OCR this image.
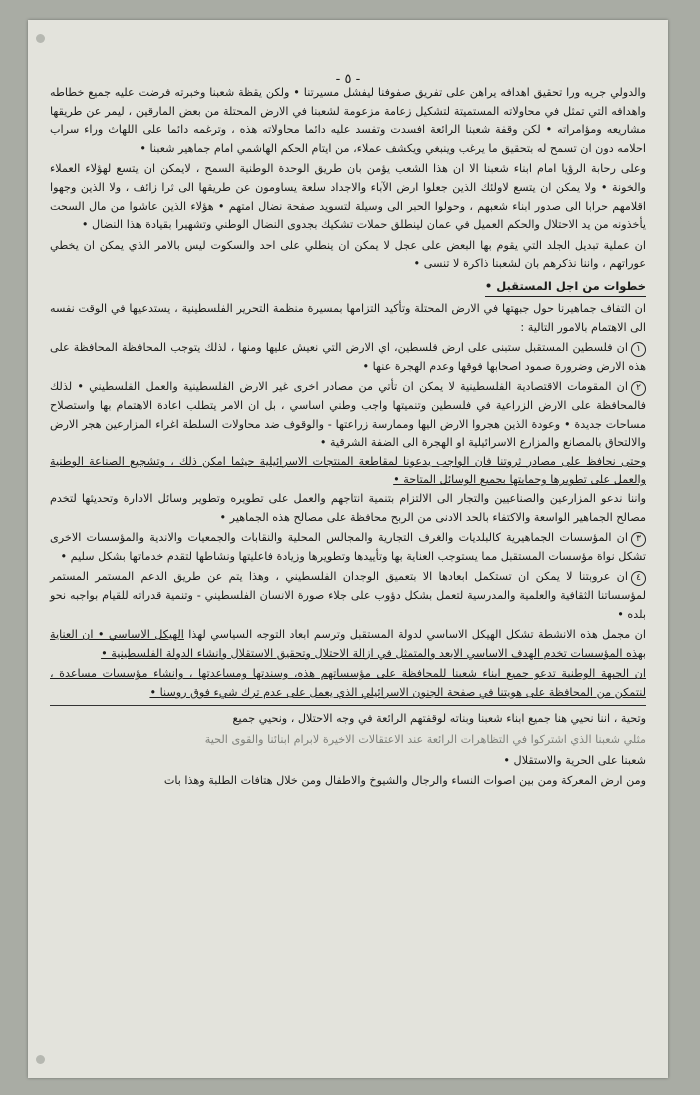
- ٥ -

والدولي جريه ورا تحقيق اهدافه يراهن على تفريق صفوفنا ليفشل مسيرتنا • ولكن يقظة شعبنا وخبرته فرضت عليه جميع خطاطه واهدافه التي تمثل في محاولاته المستميتة لتشكيل زعامة مزعومة لشعبنا في الارض المحتلة من بعض المارقين ، ليمر عن طريقها مشاريعه ومؤامراته • لكن وقفة شعبنا الرائعة افسدت وتفسد عليه دائما محاولاته هذه ، وترغمه دائما على اللهاث وراء سراب احلامه دون ان تسمح له بتحقيق ما يرغب وينبغي ويكشف عملاء، من ايتام الحكم الهاشمي امام جماهير شعبنا •

وعلى رحابة الرؤيا امام ابناء شعبنا الا ان هذا الشعب يؤمن بان طريق الوحدة الوطنية السمح ، لايمكن ان يتسع لهؤلاء العملاء والخونة • ولا يمكن ان يتسع لاولئك الذين جعلوا ارض الآباء والاجداد سلعة يساومون عن طريقها الى ثرا زائف ، ولا الذين وجهوا اقلامهم حرابا الى صدور ابناء شعبهم ، وحولوا الحبر الى وسيلة لتسويد صفحة نضال امتهم • هؤلاء الذين عاشوا من مال السحت يأخذونه من يد الاحتلال والحكم العميل في عمان لينطلق حملات تشكيك بجدوى النضال الوطني وتشهيرا بقيادة هذا النضال •

ان عملية تبديل الجلد التي يقوم بها البعض على عجل لا يمكن ان ينطلي على احد والسكوت ليس بالامر الذي يمكن ان يخطي عوراتهم ، واننا نذكرهم بان لشعبنا ذاكرة لا تنسى •

خطوات من اجل المستقبل •

ان التفاف جماهيرنا حول جبهتها في الارض المحتلة وتأكيد التزامها بمسيرة منظمة التحرير الفلسطينية ، يستدعيها في الوقت نفسه الى الاهتمام بالامور التالية :

١ان فلسطين المستقبل ستبنى على ارض فلسطين، اي الارض التي نعيش عليها ومنها ، لذلك يتوجب المحافظة المحافظة على هذه الارض وضرورة صمود اصحابها فوقها وعدم الهجرة عنها •
٢ان المقومات الاقتصادية الفلسطينية لا يمكن ان تأتي من مصادر اخرى غير الارض الفلسطينية والعمل الفلسطيني • لذلك فالمحافظة على الارض الزراعية في فلسطين وتنميتها واجب وطني اساسي ، بل ان الامر يتطلب اعادة الاهتمام بها واستصلاح مساحات جديدة • وعودة الذين هجروا الارض اليها وممارسة زراعتها - والوقوف ضد محاولات السلطة اغراء المزارعين هجر الارض والالتحاق بالمصانع والمزارع الاسرائيلية او الهجرة الى الضفة الشرقية •
وحتى نحافظ على مصادر ثروتنا فان الواجب يدعونا لمقاطعة المنتجات الاسرائيلية حيثما امكن ذلك ، وتشجيع الصناعة الوطنية والعمل على تطويرها وحمايتها بجميع الوسائل المتاحة •
واننا ندعو المزارعين والصناعيين والتجار الى الالتزام بتنمية انتاجهم والعمل على تطويره وتطوير وسائل الادارة وتحديثها لتخدم مصالح الجماهير الواسعة والاكتفاء بالحد الادنى من الربح محافظة على مصالح هذه الجماهير •
٣ان المؤسسات الجماهيرية كالبلديات والغرف التجارية والمجالس المحلية والنقابات والجمعيات والاندية والمؤسسات الاخرى تشكل نواة مؤسسات المستقبل مما يستوجب العناية بها وتأييدها وتطويرها وزيادة فاعليتها ونشاطها لتقدم خدماتها بشكل سليم •
٤ان عروبتنا لا يمكن ان تستكمل ابعادها الا بتعميق الوجدان الفلسطيني ، وهذا يتم عن طريق الدعم المستمر المستمر لمؤسساتنا الثقافية والعلمية والمدرسية لتعمل بشكل دؤوب على جلاء صورة الانسان الفلسطيني - وتنمية قدراته للقيام بواجبه نحو بلده •

ان مجمل هذه الانشطة تشكل الهيكل الاساسي لدولة المستقبل وترسم ابعاد التوجه السياسي لهذا الهيكل الاساسي • ان العناية بهذه المؤسسات تخدم الهدف الاساسي الابعد والمتمثل في ازالة الاحتلال وتحقيق الاستقلال وانشاء الدولة الفلسطينية •

ان الجبهة الوطنية تدعو جميع ابناء شعبنا للمحافظة على مؤسساتهم هذه، وسندتها ومساعدتها ، وانشاء مؤسسات مساعدة ، لنتمكن من المحافظة على هويتنا في صفحة الجنون الاسرائيلي الذي يعمل على عدم ترك شيء فوق روسنا •

وتحية ، اننا نحيي هنا جميع ابناء شعبنا وبناته لوقفتهم الرائعة في وجه الاحتلال ، ونحيي جميع

مثلي شعبنا الذي اشتركوا في التظاهرات الرائعة عند الاعتقالات الاخيرة لابرام ابنائنا والقوى الحية

شعبنا على الحرية والاستقلال •

ومن ارض المعركة ومن بين اصوات النساء والرجال والشيوخ والاطفال ومن خلال هتافات الطلبة وهذا بات
